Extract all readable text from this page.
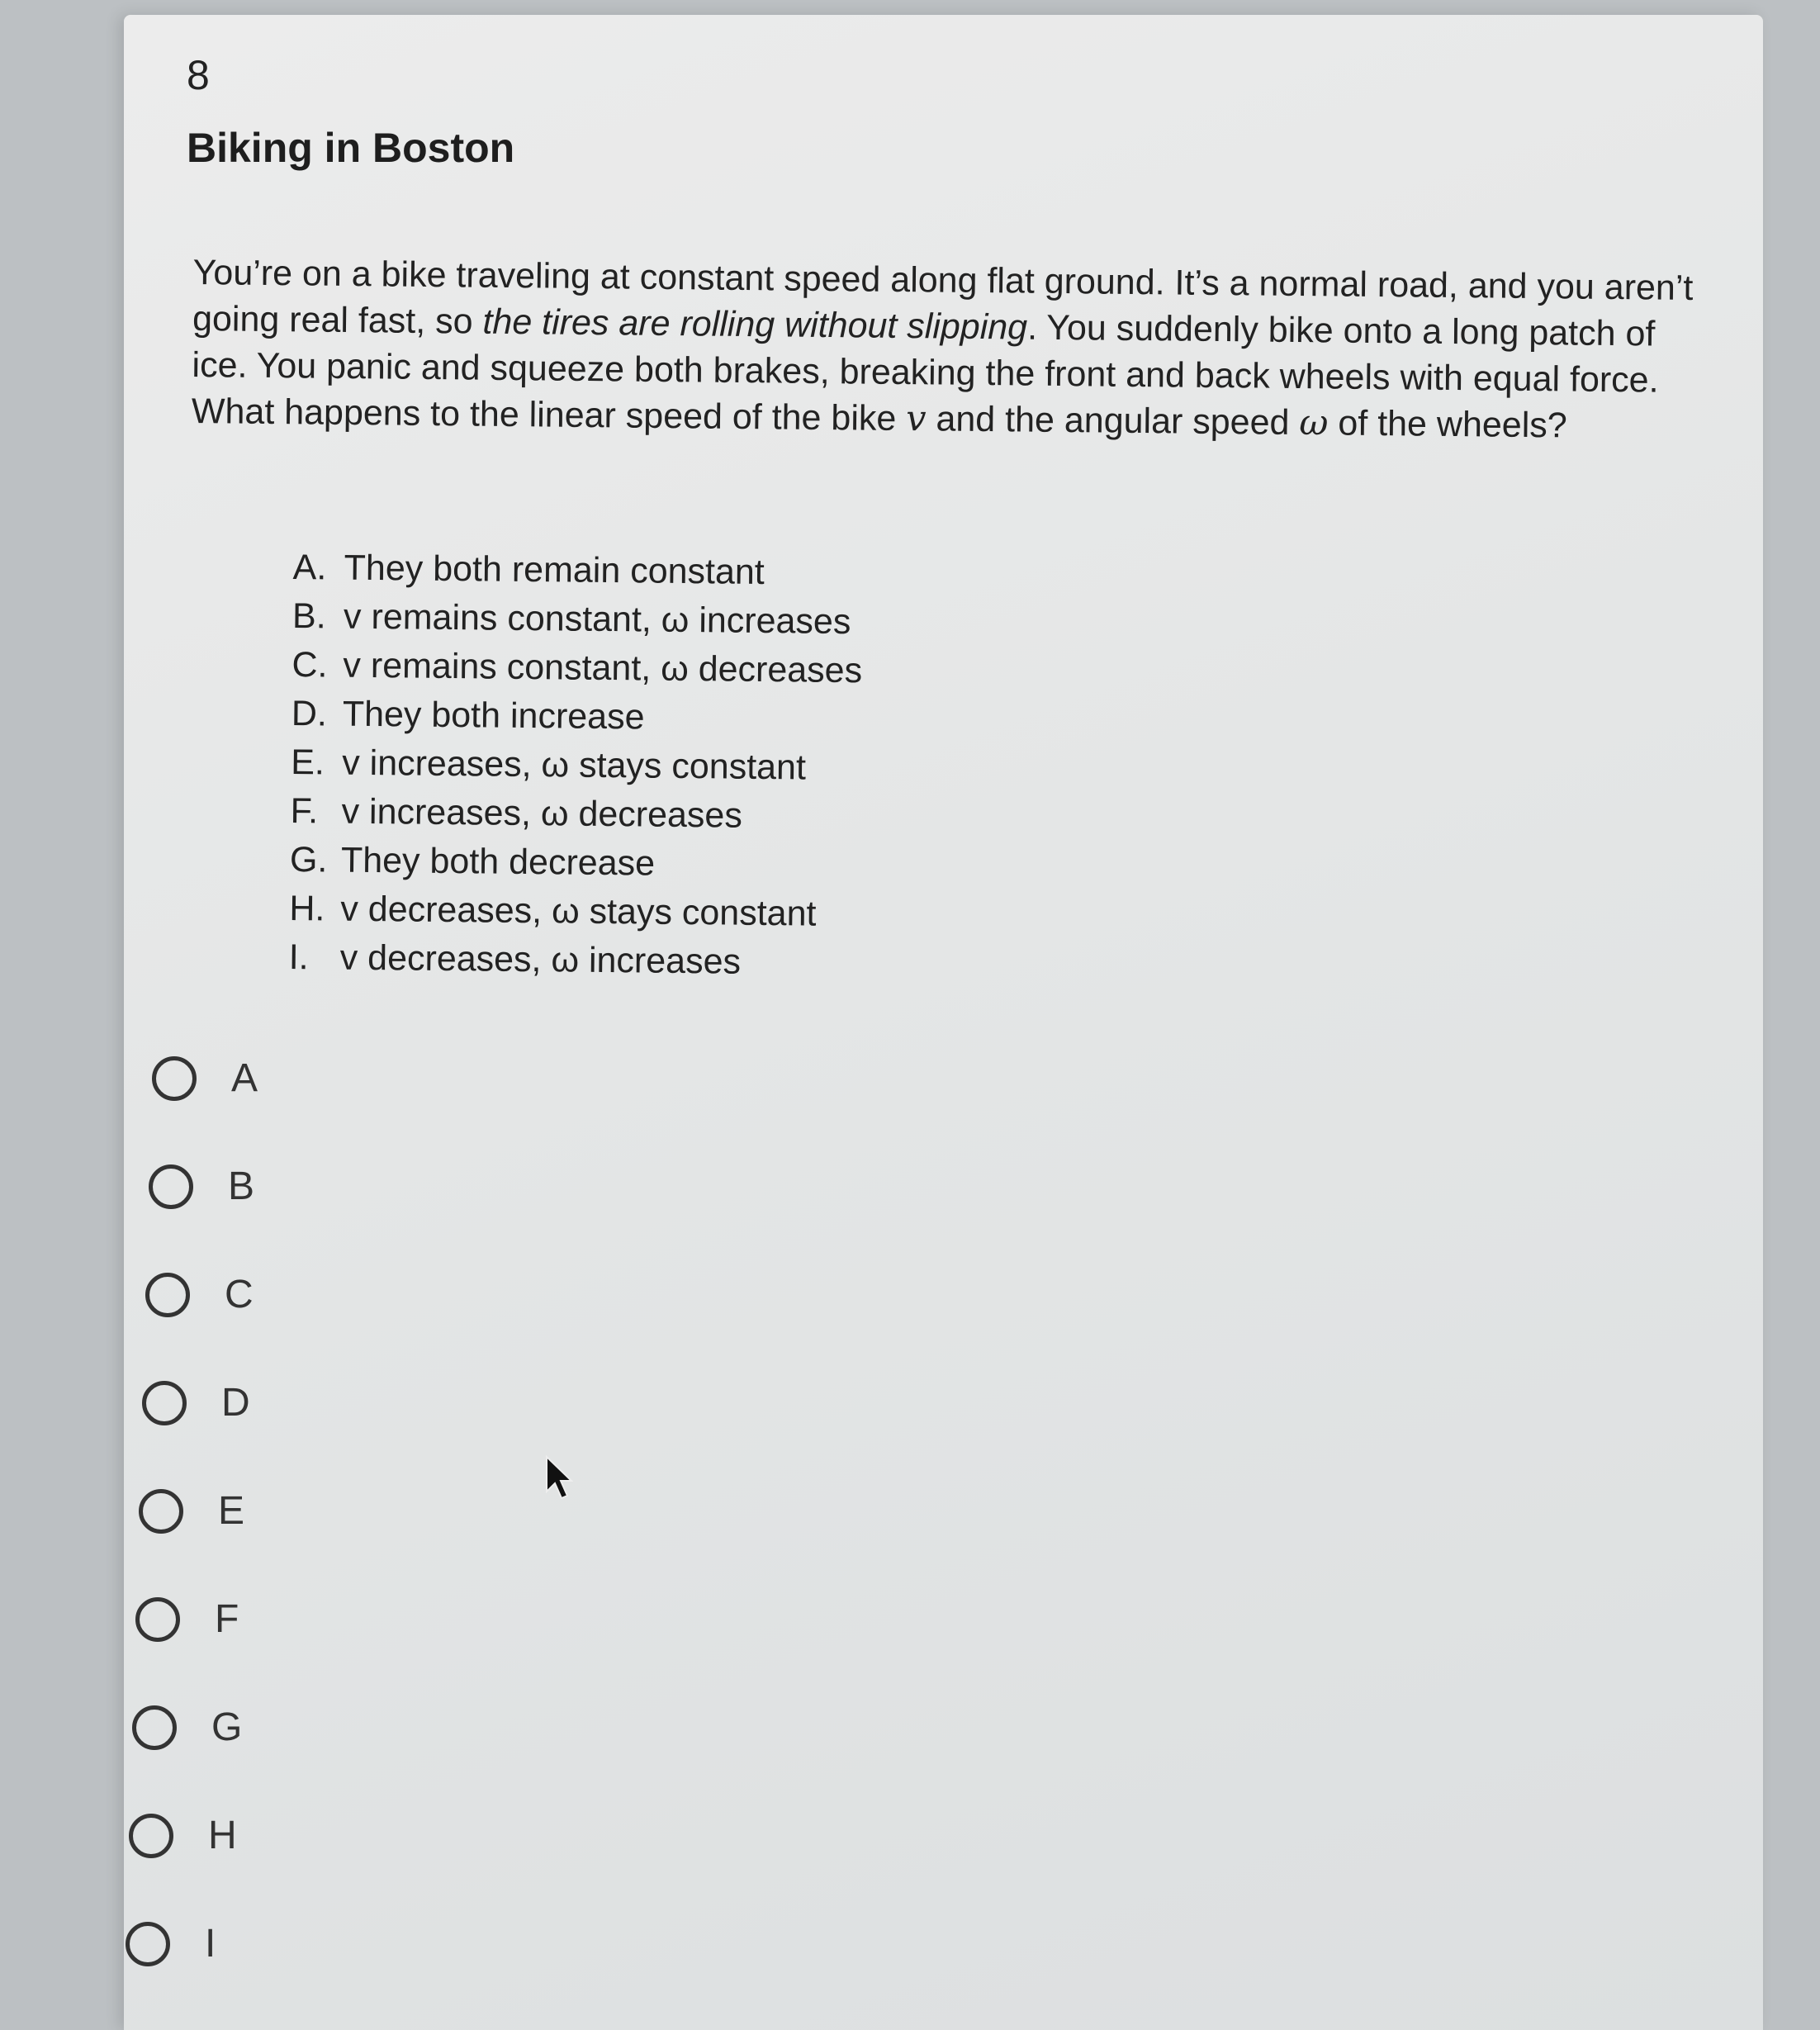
8
Biking in Boston
You’re on a bike traveling at constant speed along flat ground. It’s a normal road, and you aren’t going real fast, so the tires are rolling without slipping. You suddenly bike onto a long patch of ice. You panic and squeeze both brakes, breaking the front and back wheels with equal force. What happens to the linear speed of the bike v and the angular speed ω of the wheels?
A. They both remain constant
B. v remains constant, ω increases
C. v remains constant, ω decreases
D. They both increase
E. v increases, ω stays constant
F. v increases, ω decreases
G. They both decrease
H. v decreases, ω stays constant
I. v decreases, ω increases
A
B
C
D
E
F
G
H
I
